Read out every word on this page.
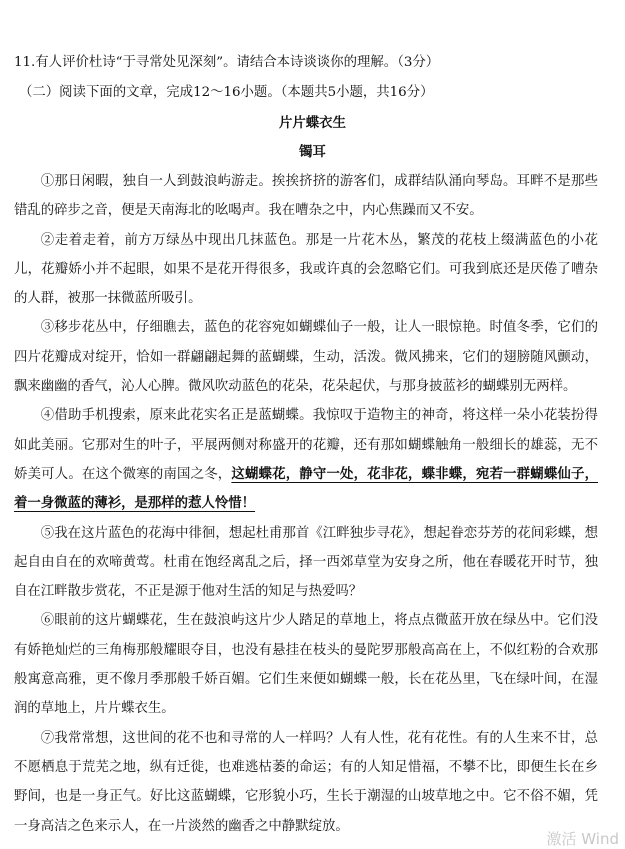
11.有人评价杜诗“于寻常处见深刻”。请结合本诗谈谈你的理解。（3分）
（二）阅读下面的文章，完成12～16小题。（本题共5小题，共16分）
片片蝶衣生
镯耳

①那日闲暇，独自一人到鼓浪屿游走。挨挨挤挤的游客们，成群结队涌向琴岛。耳畔不是那些错乱的碎步之音，便是天南海北的吆喝声。我在嘈杂之中，内心焦躁而又不安。

②走着走着，前方万绿丛中现出几抹蓝色。那是一片花木丛，繁茂的花枝上缀满蓝色的小花儿，花瓣娇小并不起眼，如果不是花开得很多，我或许真的会忽略它们。可我到底还是厌倦了嘈杂的人群，被那一抹微蓝所吸引。

③移步花丛中，仔细瞧去，蓝色的花容宛如蝴蝶仙子一般，让人一眼惊艳。时值冬季，它们的四片花瓣成对绽开，恰如一群翩翩起舞的蓝蝴蝶，生动，活泼。微风拂来，它们的翅膀随风颤动，飘来幽幽的香气，沁人心脾。微风吹动蓝色的花朵，花朵起伏，与那身披蓝衫的蝴蝶别无两样。

④借助手机搜索，原来此花实名正是蓝蝴蝶。我惊叹于造物主的神奇，将这样一朵小花装扮得如此美丽。它那对生的叶子，平展两侧对称盛开的花瓣，还有那如蝴蝶触角一般细长的雄蕊，无不娇美可人。在这个微寒的南国之冬，这蝴蝶花，静守一处，花非花，蝶非蝶，宛若一群蝴蝶仙子，着一身微蓝的薄衫，是那样的惹人怜惜！

⑤我在这片蓝色的花海中徘徊，想起杜甫那首《江畔独步寻花》，想起眷恋芬芳的花间彩蝶，想起自由自在的欢啼黄莺。杜甫在饱经离乱之后，择一西郊草堂为安身之所，他在春暖花开时节，独自在江畔散步赏花，不正是源于他对生活的知足与热爱吗？

⑥眼前的这片蝴蝶花，生在鼓浪屿这片少人踏足的草地上，将点点微蓝开放在绿丛中。它们没有娇艳灿烂的三角梅那般耀眼夺目，也没有悬挂在枝头的曼陀罗那般高高在上，不似红粉的合欢那般寓意高雅，更不像月季那般千娇百媚。它们生来便如蝴蝶一般，长在花丛里，飞在绿叶间，在湿润的草地上，片片蝶衣生。

⑦我常常想，这世间的花不也和寻常的人一样吗？人有人性，花有花性。有的人生来不甘，总不愿栖息于荒芜之地，纵有迁徙，也难逃枯萎的命运；有的人知足惜福，不攀不比，即便生长在乡野间，也是一身正气。好比这蓝蝴蝶，它形貌小巧，生长于潮湿的山坡草地之中。它不俗不媚，凭一身高洁之色来示人，在一片淡然的幽香之中静默绽放。

激活 Wind
